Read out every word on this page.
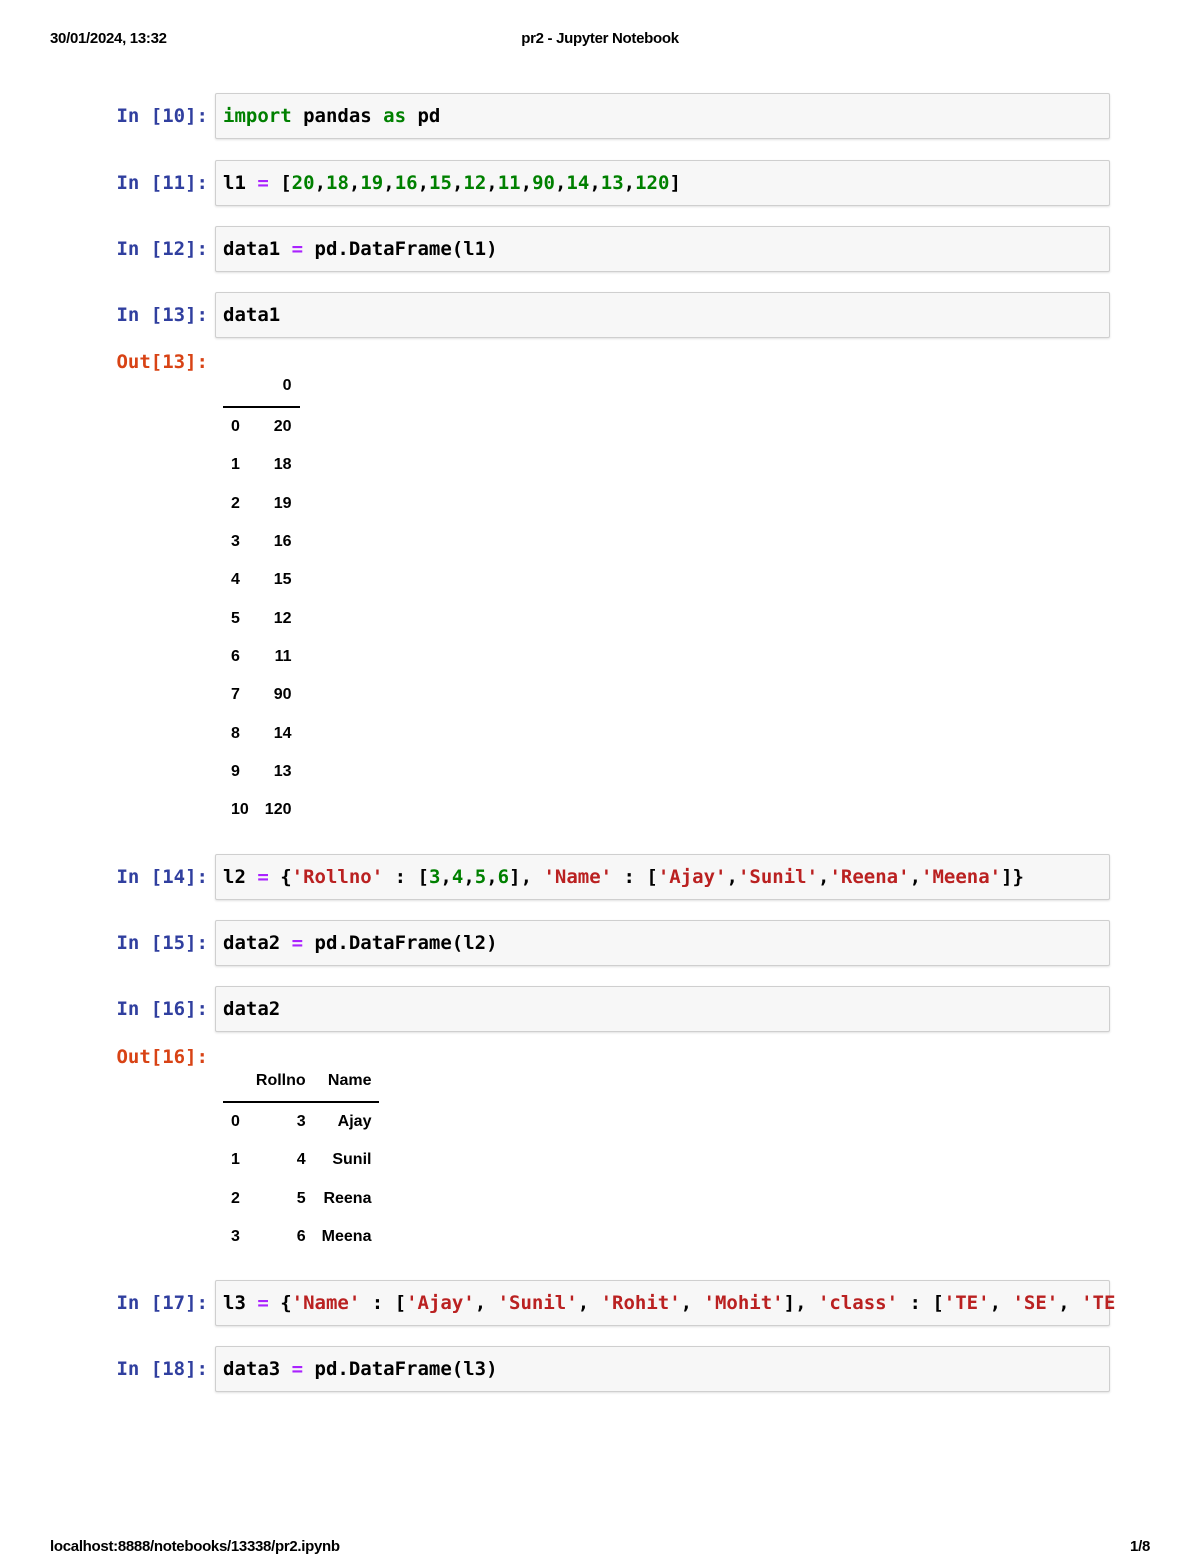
30/01/2024, 13:32	pr2 - Jupyter Notebook
In [10]: import pandas as pd
In [11]: l1 = [20,18,19,16,15,12,11,90,14,13,120]
In [12]: data1 = pd.DataFrame(l1)
In [13]: data1
Out[13]:
	0
0	20
1	18
2	19
3	16
4	15
5	12
6	11
7	90
8	14
9	13
10	120
In [14]: l2 = {'Rollno' : [3,4,5,6], 'Name' : ['Ajay','Sunil','Reena','Meena']}
In [15]: data2 = pd.DataFrame(l2)
In [16]: data2
Out[16]:
	Rollno	Name
0	3	Ajay
1	4	Sunil
2	5	Reena
3	6	Meena
In [17]: l3 = {'Name' : ['Ajay', 'Sunil', 'Rohit', 'Mohit'], 'class' : ['TE', 'SE', 'TE
In [18]: data3 = pd.DataFrame(l3)
localhost:8888/notebooks/13338/pr2.ipynb	1/8
